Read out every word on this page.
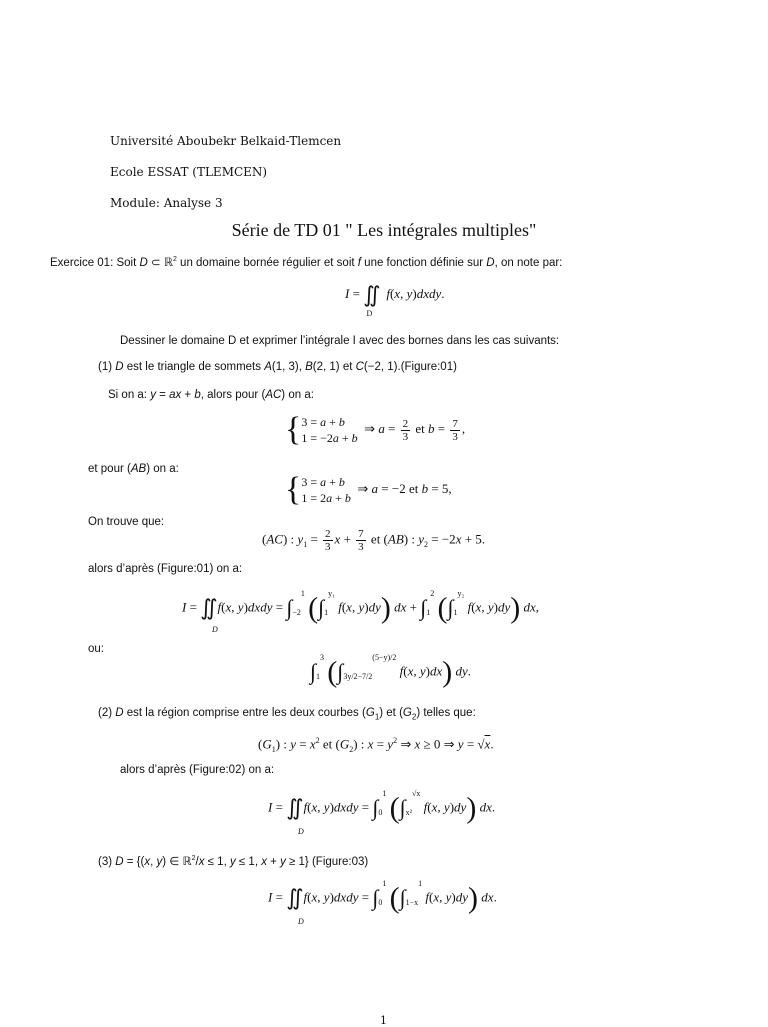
Université Aboubekr Belkaid-Tlemcen
Ecole ESSAT (TLEMCEN)
Module: Analyse 3
Série de TD 01 " Les intégrales multiples"
Exercice 01: Soit D ⊂ ℝ$^2$ un domaine bornée régulier et soit f une fonction définie sur D, on note par:
$I = ∬_Df(x$, y)dxdy.
Dessiner le domaine D et exprimer l’intégrale I avec des bornes dans les cas suivants:
(1) D est le triangle de sommets A(1, 3), B(2, 1) et C(−2, 1).(Figure:01)
Si on a: y = ax + b, alors pour (AC) on a:
{3 = a + b
1 = −2a + b  ⇒ $a = \frac{2}{3}$ et $b = \frac{7}{3}$ ,
et pour (AB) on a:
{3 = a + b
1 = 2a + b  ⇒ a = −2 et b = 5,
On trouve que:
(AC) : $y_1 = \frac{2}{3}$ $x + \frac{7}{3}$ et (AB) : $y_2 = -2x + 5$.
alors d’après (Figure:01) on a:
I = ∬f(x, y)dxdy = $\int_{-2}^1$ ($\int_1^{y_1}$ f(x, y)dy) dx + $\int_1^2$ ($\int_1^{y_2}$ f(x, y)dy) dx,
D
ou:
$\int_1^3$ ($\int_{3y/2-7/2}^{(5-y)/2}$ f(x, y)dx) dy.
(2) D est la région comprise entre les deux courbes $(G_1)$ et $(G_2)$ telles que:
$(G_1)$ : $y = x^2$ et $(G_2)$ : $x = y^2$ ⇒ x ≥ 0 ⇒ y = √x.
alors d’après (Figure:02) on a:
I = ∬f(x, y)dxdy = $\int_0^1$ ($\int_{x^2}^{√x}$ f(x, y)dy) dx.
D
(3) D = {(x, y) ∈ ℝ$^2$/x ≤ 1, y ≤ 1, x + y ≥ 1} (Figure:03)
I = ∬f(x, y)dxdy = $\int_0^1$ ($\int_{1-x}^1$ f(x, y)dy) dx.
D
1
